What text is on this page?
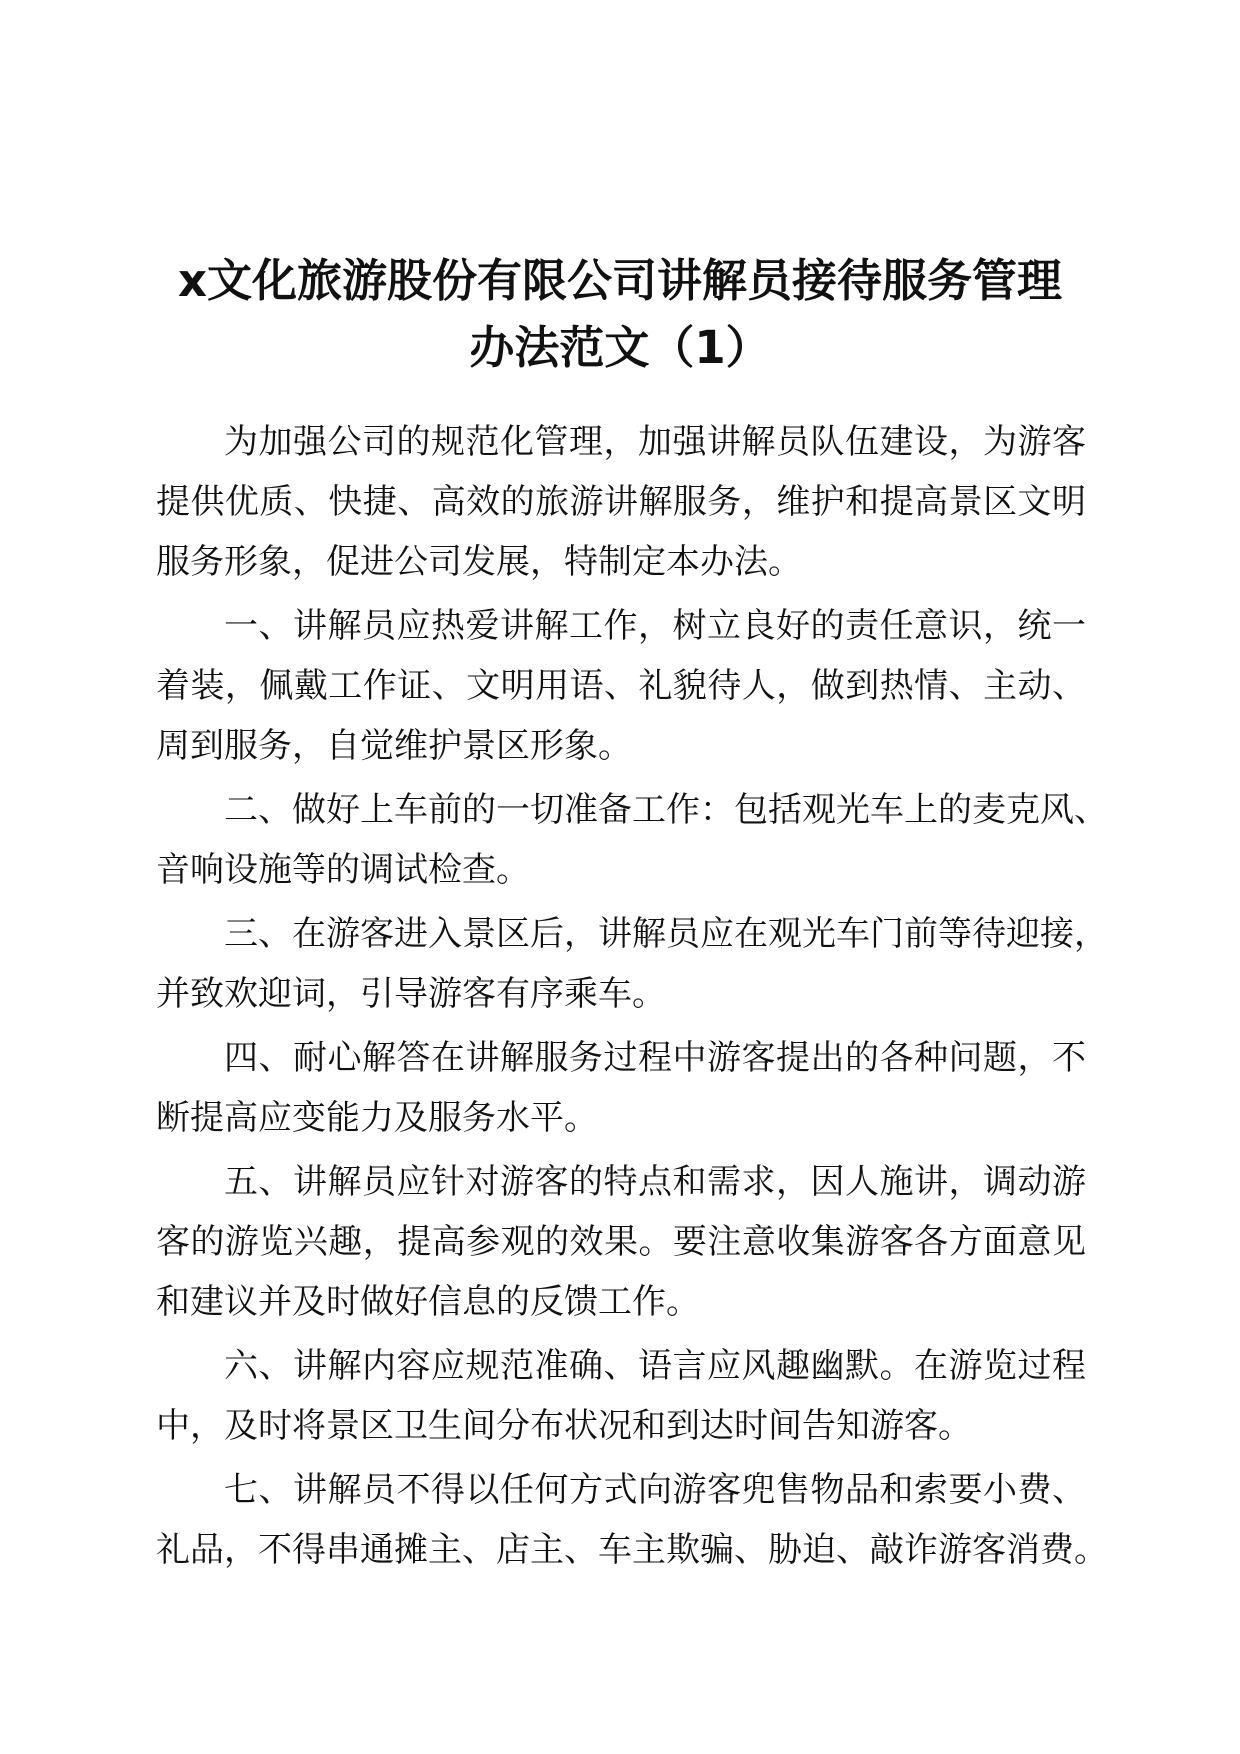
x文化旅游股份有限公司讲解员接待服务管理
办法范文（1）
为加强公司的规范化管理，加强讲解员队伍建设，为游客
提供优质、快捷、高效的旅游讲解服务，维护和提高景区文明
服务形象，促进公司发展，特制定本办法。
一、讲解员应热爱讲解工作，树立良好的责任意识，统一
着装，佩戴工作证、文明用语、礼貌待人，做到热情、主动、
周到服务，自觉维护景区形象。
二、做好上车前的一切准备工作：包括观光车上的麦克风、
音响设施等的调试检查。
三、在游客进入景区后，讲解员应在观光车门前等待迎接，
并致欢迎词，引导游客有序乘车。
四、耐心解答在讲解服务过程中游客提出的各种问题，不
断提高应变能力及服务水平。
五、讲解员应针对游客的特点和需求，因人施讲，调动游
客的游览兴趣，提高参观的效果。要注意收集游客各方面意见
和建议并及时做好信息的反馈工作。
六、讲解内容应规范准确、语言应风趣幽默。在游览过程
中，及时将景区卫生间分布状况和到达时间告知游客。
七、讲解员不得以任何方式向游客兜售物品和索要小费、
礼品，不得串通摊主、店主、车主欺骗、胁迫、敲诈游客消费。
